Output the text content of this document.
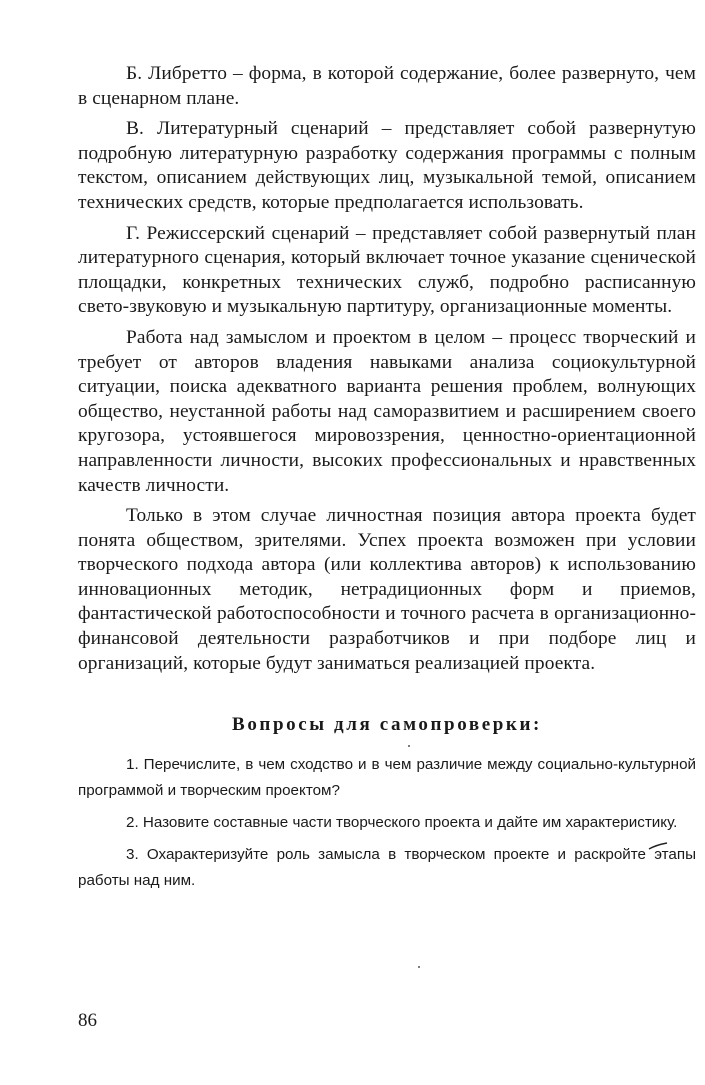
Б. Либретто – форма, в которой содержание, более развернуто, чем в сценарном плане.

В. Литературный сценарий – представляет собой развернутую подробную литературную разработку содержания программы с полным текстом, описанием действующих лиц, музыкальной темой, описанием технических средств, которые предполагается использовать.

Г. Режиссерский сценарий – представляет собой развернутый план литературного сценария, который включает точное указание сценической площадки, конкретных технических служб, подробно расписанную свето-звуковую и музыкальную партитуру, организационные моменты.

Работа над замыслом и проектом в целом – процесс творческий и требует от авторов владения навыками анализа социокультурной ситуации, поиска адекватного варианта решения проблем, волнующих общество, неустанной работы над саморазвитием и расширением своего кругозора, устоявшегося мировоззрения, ценностно-ориентационной направленности личности, высоких профессиональных и нравственных качеств личности.

Только в этом случае личностная позиция автора проекта будет понята обществом, зрителями. Успех проекта возможен при условии творческого подхода автора (или коллектива авторов) к использованию инновационных методик, нетрадиционных форм и приемов, фантастической работоспособности и точного расчета в организационно-финансовой деятельности разработчиков и при подборе лиц и организаций, которые будут заниматься реализацией проекта.

Вопросы для самопроверки:

1. Перечислите, в чем сходство и в чем различие между социально-культурной программой и творческим проектом?

2. Назовите составные части творческого проекта и дайте им характеристику.

3. Охарактеризуйте роль замысла в творческом проекте и раскройте этапы работы над ним.

86
